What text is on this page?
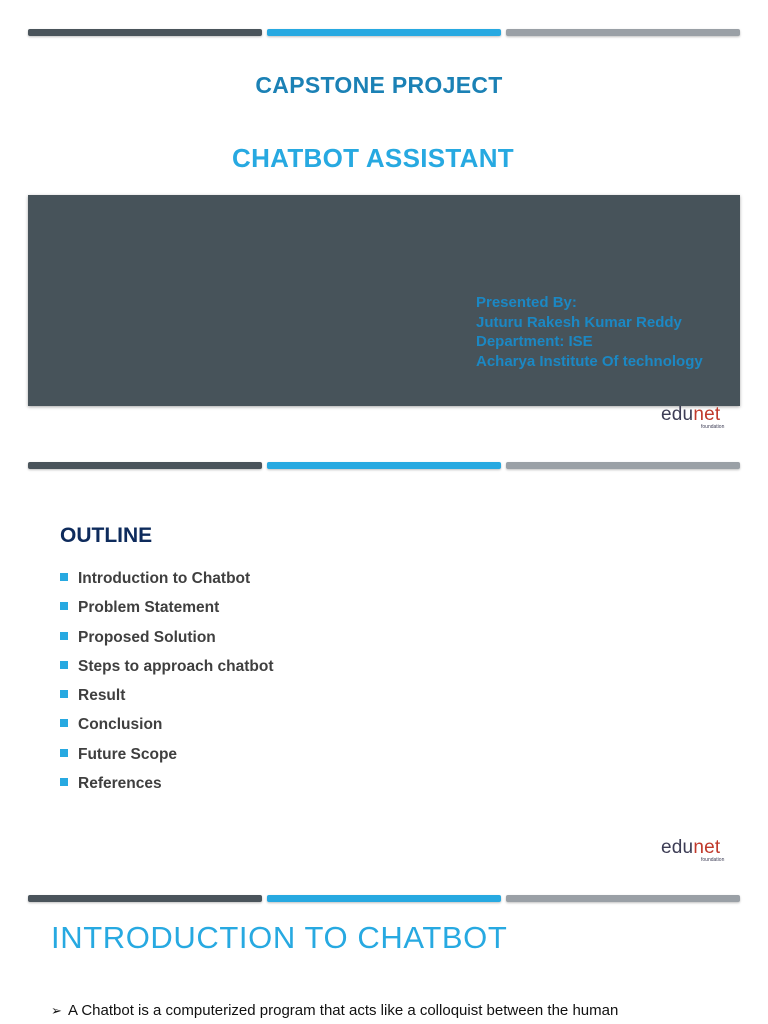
CAPSTONE PROJECT
CHATBOT ASSISTANT
Presented By:
Juturu Rakesh Kumar Reddy
Department: ISE
Acharya Institute Of technology
edunet
foundation
OUTLINE
Introduction to Chatbot
Problem Statement
Proposed Solution
Steps to approach chatbot
Result
Conclusion
Future Scope
References
edunet
foundation
INTRODUCTION TO CHATBOT
➢ A Chatbot is a computerized program that acts like a colloquist between the human
